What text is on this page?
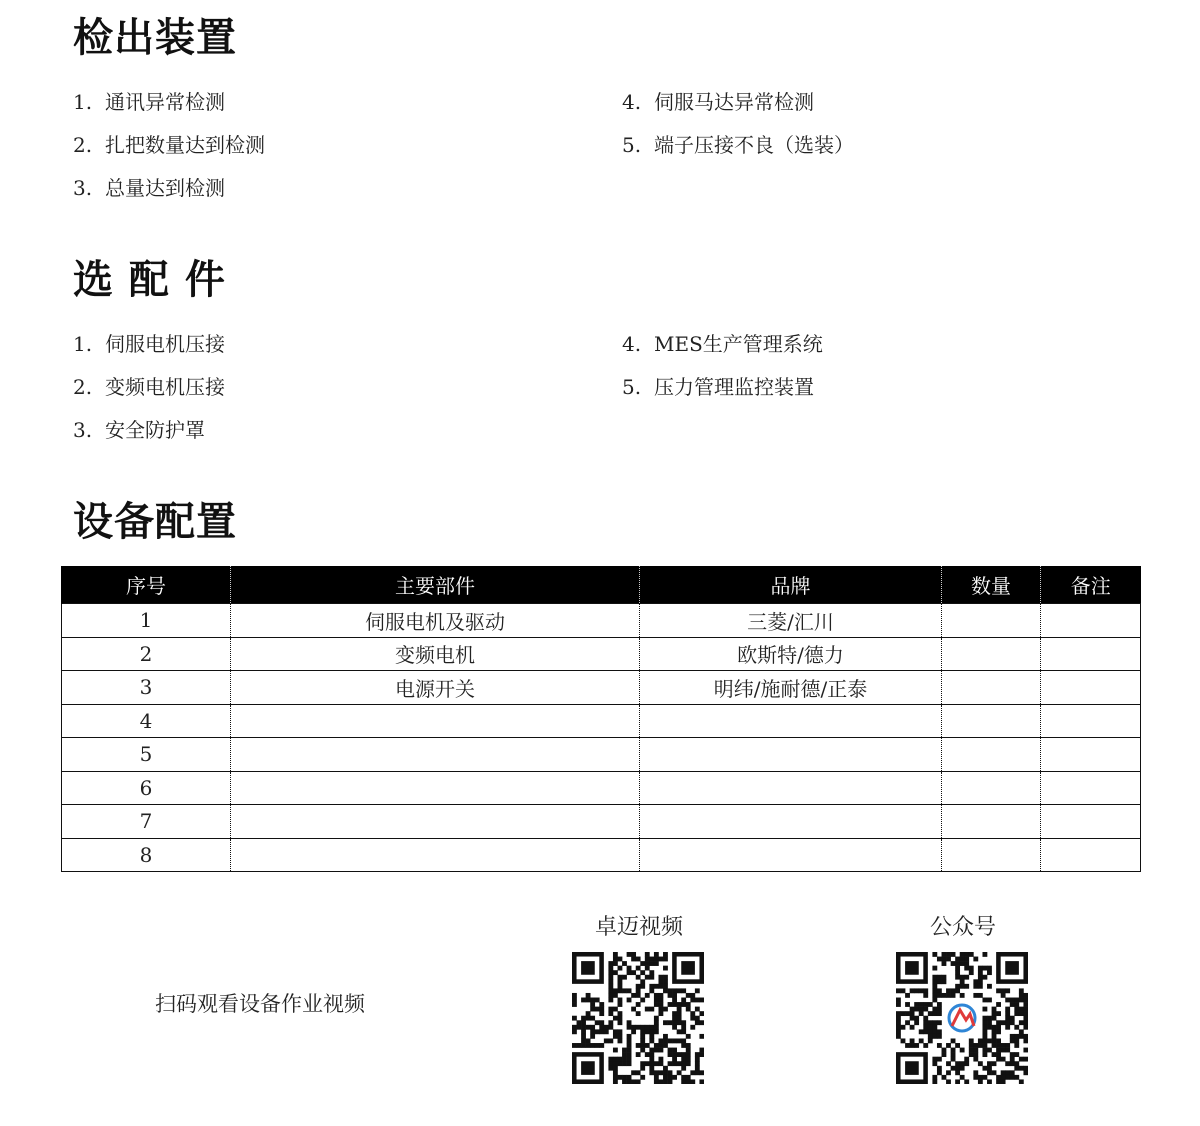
检出装置
1. 通讯异常检测
2. 扎把数量达到检测
3. 总量达到检测
4. 伺服马达异常检测
5. 端子压接不良（选装）
选 配 件
1. 伺服电机压接
2. 变频电机压接
3. 安全防护罩
4. MES生产管理系统
5. 压力管理监控装置
设备配置
序号	主要部件	品牌	数量	备注
1	伺服电机及驱动	三菱/汇川		
2	变频电机	欧斯特/德力		
3	电源开关	明纬/施耐德/正泰		
4				
5				
6				
7				
8				
扫码观看设备作业视频
卓迈视频	公众号
